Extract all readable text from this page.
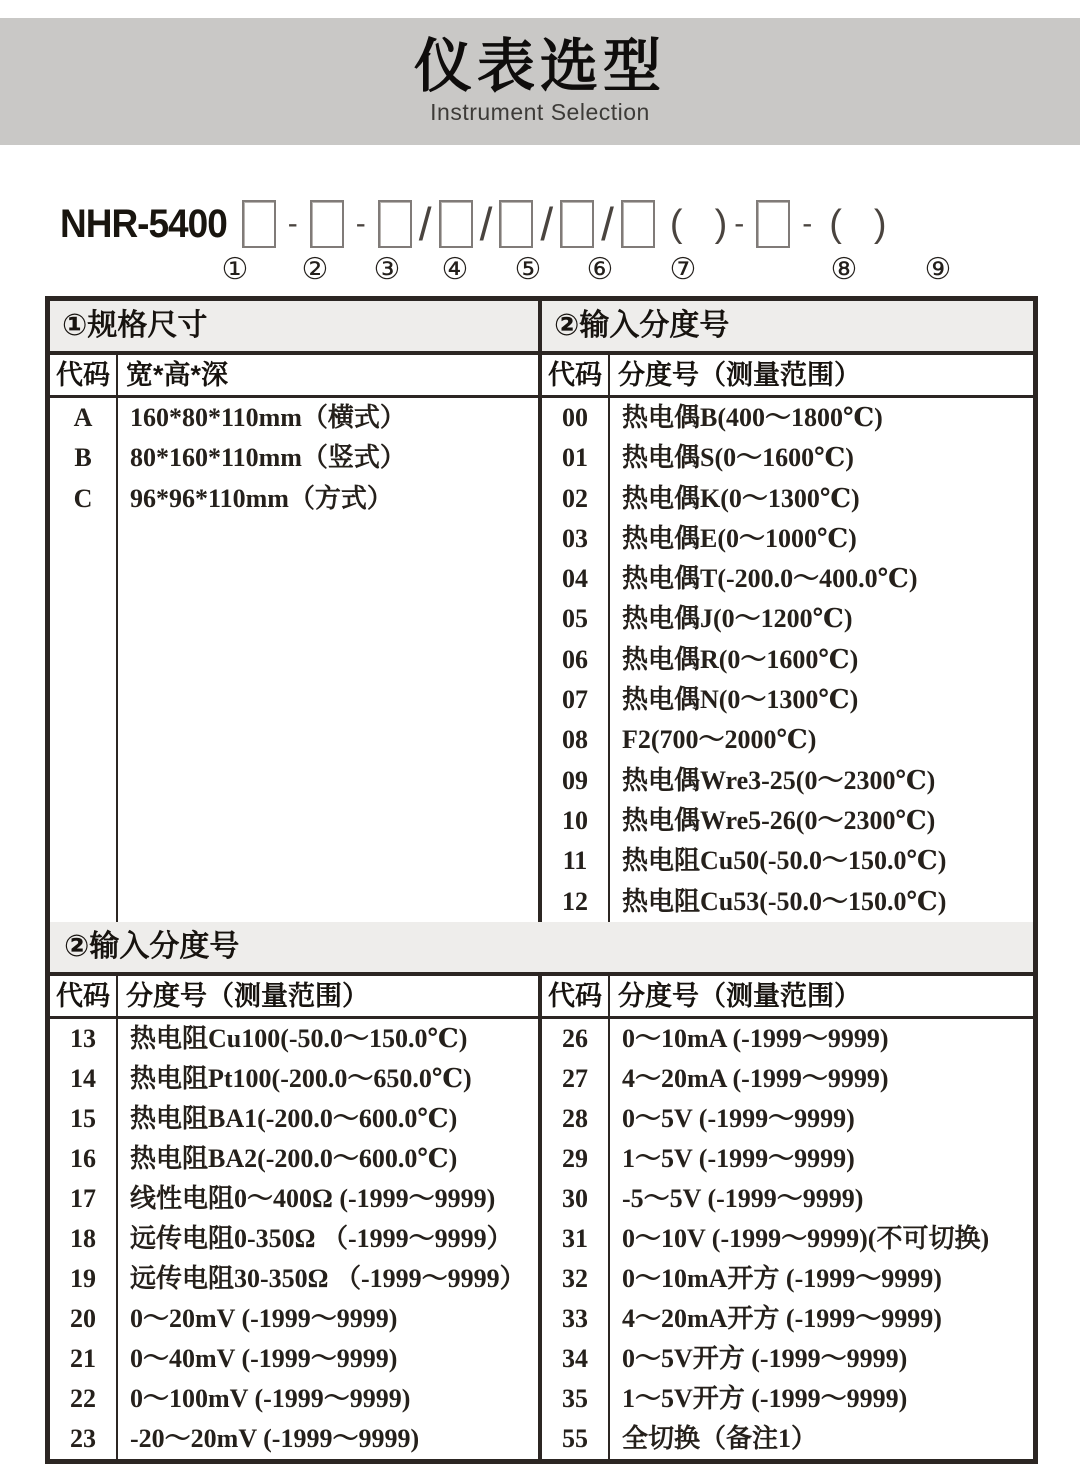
仪表选型
Instrument Selection
NHR-5400 - - / / / / ( ) - - ( )
① ② ③ ④ ⑤ ⑥ ⑦	⑧ ⑨
①规格尺寸
代码
A
B
C
宽*高*深
160*80*110mm（横式）
80*160*110mm（竖式）
96*96*110mm（方式）
②输入分度号
代码
00
01
02
03
04
05
06
07
08
09
10
11
12
分度号（测量范围）
热电偶B(400～1800℃)
热电偶S(0～1600℃)
热电偶K(0～1300℃)
热电偶E(0～1000℃)
热电偶T(-200.0～400.0℃)
热电偶J(0～1200℃)
热电偶R(0～1600℃)
热电偶N(0～1300℃)
F2(700～2000℃)
热电偶Wre3-25(0～2300℃)
热电偶Wre5-26(0～2300℃)
热电阻Cu50(-50.0～150.0℃)
热电阻Cu53(-50.0～150.0℃)
②输入分度号
代码
13
14
15
16
17
18
19
20
21
22
23
分度号（测量范围）
热电阻Cu100(-50.0～150.0℃)
热电阻Pt100(-200.0～650.0℃)
热电阻BA1(-200.0～600.0℃)
热电阻BA2(-200.0～600.0℃)
线性电阻0～400Ω (-1999～9999)
远传电阻0-350Ω （-1999～9999）
远传电阻30-350Ω （-1999～9999）
0～20mV (-1999～9999)
0～40mV (-1999～9999)
0～100mV (-1999～9999)
-20～20mV (-1999～9999)
代码
26
27
28
29
30
31
32
33
34
35
55
分度号（测量范围）
0～10mA (-1999～9999)
4～20mA (-1999～9999)
0～5V (-1999～9999)
1～5V (-1999～9999)
-5～5V (-1999～9999)
0～10V (-1999～9999)(不可切换)
0～10mA开方 (-1999～9999)
4～20mA开方 (-1999～9999)
0～5V开方 (-1999～9999)
1～5V开方 (-1999～9999)
全切换（备注1）
